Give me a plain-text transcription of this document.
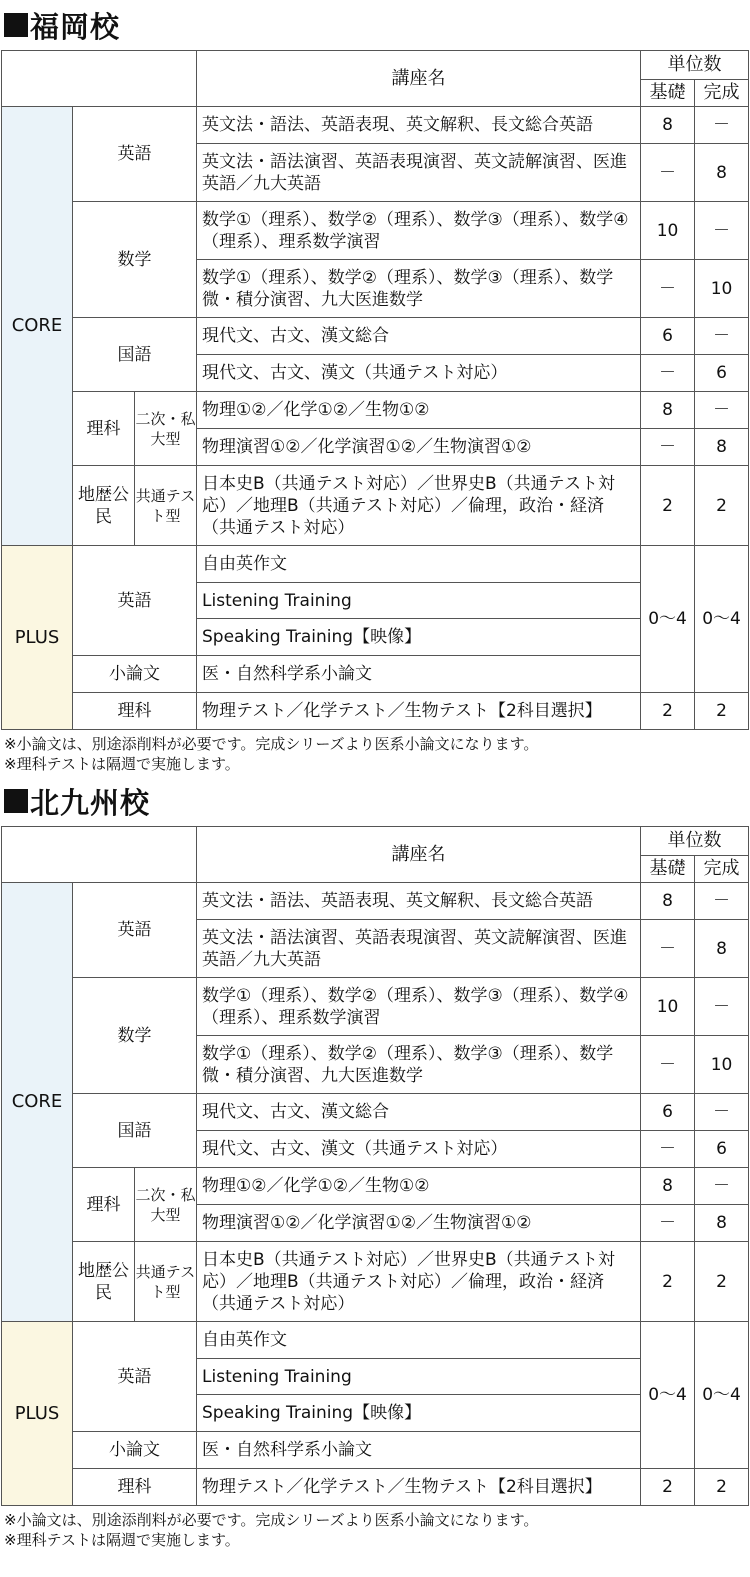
福岡校
			講座名	単位数	
				基礎	完成
CORE	英語		英文法・語法、英語表現、英文解釈、長文総合英語	8	－
			英文法・語法演習、英語表現演習、英文読解演習、医進英語／九大英語	－	8
	数学		数学①（理系）、数学②（理系）、数学③（理系）、数学④（理系）、理系数学演習	10	－
			数学①（理系）、数学②（理系）、数学③（理系）、数学微・積分演習、九大医進数学	－	10
	国語		現代文、古文、漢文総合	6	－
			現代文、古文、漢文（共通テスト対応）	－	6
	理科	二次・私大型	物理①②／化学①②／生物①②	8	－
			物理演習①②／化学演習①②／生物演習①②	－	8
	地歴公民	共通テスト型	日本史B（共通テスト対応）／世界史B（共通テスト対応）／地理B（共通テスト対応）／倫理，政治・経済（共通テスト対応）	2	2
PLUS	英語		自由英作文	0～4	0～4
			Listening Training		
			Speaking Training【映像】		
	小論文		医・自然科学系小論文		
	理科		物理テスト／化学テスト／生物テスト【2科目選択】	2	2
※小論文は、別途添削料が必要です。完成シリーズより医系小論文になります。
※理科テストは隔週で実施します。
北九州校
			講座名	単位数	
				基礎	完成
CORE	英語		英文法・語法、英語表現、英文解釈、長文総合英語	8	－
			英文法・語法演習、英語表現演習、英文読解演習、医進英語／九大英語	－	8
	数学		数学①（理系）、数学②（理系）、数学③（理系）、数学④（理系）、理系数学演習	10	－
			数学①（理系）、数学②（理系）、数学③（理系）、数学微・積分演習、九大医進数学	－	10
	国語		現代文、古文、漢文総合	6	－
			現代文、古文、漢文（共通テスト対応）	－	6
	理科	二次・私大型	物理①②／化学①②／生物①②	8	－
			物理演習①②／化学演習①②／生物演習①②	－	8
	地歴公民	共通テスト型	日本史B（共通テスト対応）／世界史B（共通テスト対応）／地理B（共通テスト対応）／倫理，政治・経済（共通テスト対応）	2	2
PLUS	英語		自由英作文	0～4	0～4
			Listening Training		
			Speaking Training【映像】		
	小論文		医・自然科学系小論文		
	理科		物理テスト／化学テスト／生物テスト【2科目選択】	2	2
※小論文は、別途添削料が必要です。完成シリーズより医系小論文になります。
※理科テストは隔週で実施します。
